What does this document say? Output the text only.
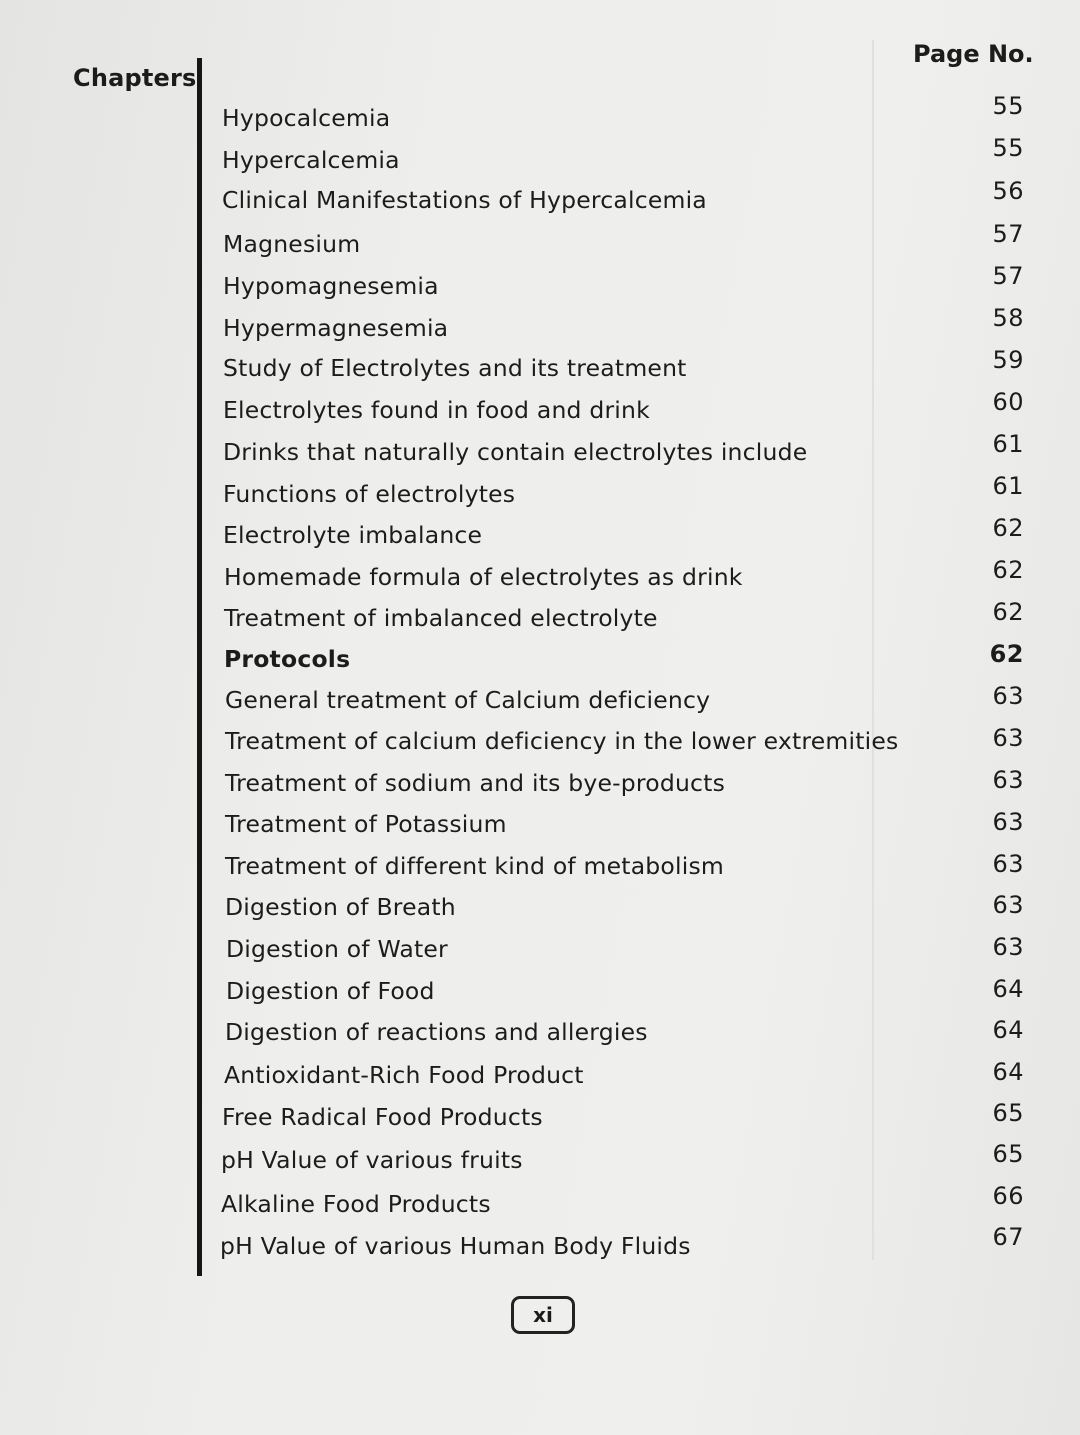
Chapters
Page No.
Hypocalcemia	55
Hypercalcemia	55
Clinical Manifestations of Hypercalcemia	56
Magnesium	57
Hypomagnesemia	57
Hypermagnesemia	58
Study of Electrolytes and its treatment	59
Electrolytes found in food and drink	60
Drinks that naturally contain electrolytes include	61
Functions of electrolytes	61
Electrolyte imbalance	62
Homemade formula of electrolytes as drink	62
Treatment of imbalanced electrolyte	62
Protocols	62
General treatment of Calcium deficiency	63
Treatment of calcium deficiency in the lower extremities	63
Treatment of sodium and its bye-products	63
Treatment of Potassium	63
Treatment of different kind of metabolism	63
Digestion of Breath	63
Digestion of Water	63
Digestion of Food	64
Digestion of reactions and allergies	64
Antioxidant-Rich Food Product	64
Free Radical Food Products	65
pH Value of various fruits	65
Alkaline Food Products	66
pH Value of various Human Body Fluids	67
xi
